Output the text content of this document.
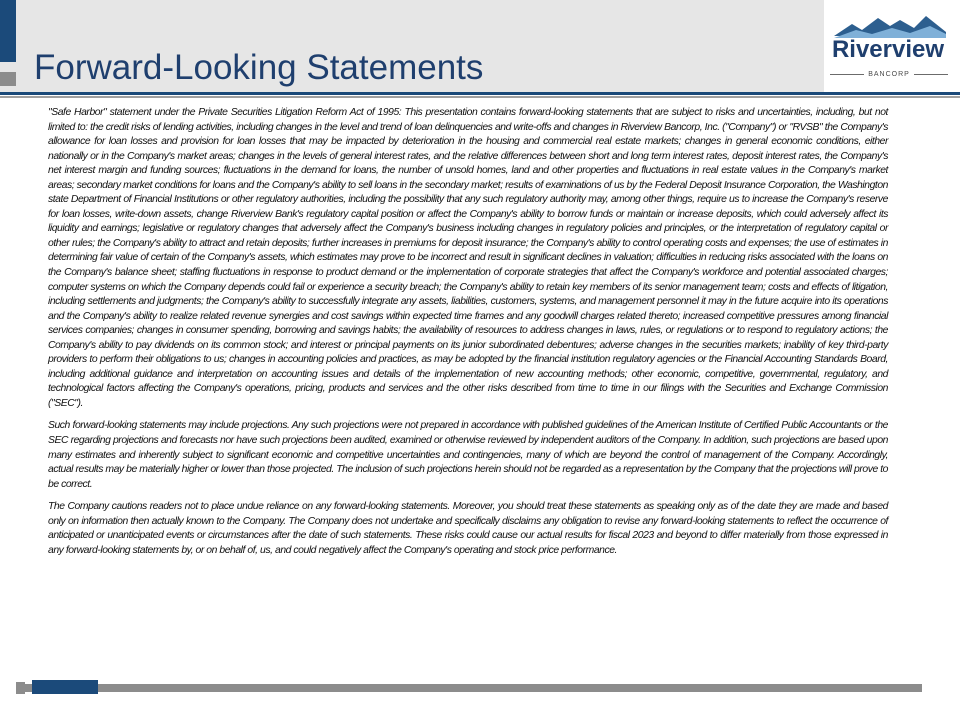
Forward-Looking Statements	Riverview
BANCORP

"Safe Harbor" statement under the Private Securities Litigation Reform Act of 1995: This presentation contains forward-looking statements that are subject to risks and uncertainties, including, but not limited to: the credit risks of lending activities, including changes in the level and trend of loan delinquencies and write-offs and changes in Riverview Bancorp, Inc. ("Company") or "RVSB" the Company's allowance for loan losses and provision for loan losses that may be impacted by deterioration in the housing and commercial real estate markets; changes in general economic conditions, either nationally or in the Company's market areas; changes in the levels of general interest rates, and the relative differences between short and long term interest rates, deposit interest rates, the Company's net interest margin and funding sources; fluctuations in the demand for loans, the number of unsold homes, land and other properties and fluctuations in real estate values in the Company's market areas; secondary market conditions for loans and the Company's ability to sell loans in the secondary market; results of examinations of us by the Federal Deposit Insurance Corporation, the Washington state Department of Financial Institutions or other regulatory authorities, including the possibility that any such regulatory authority may, among other things, require us to increase the Company's reserve for loan losses, write-down assets, change Riverview Bank's regulatory capital position or affect the Company's ability to borrow funds or maintain or increase deposits, which could adversely affect its liquidity and earnings; legislative or regulatory changes that adversely affect the Company's business including changes in regulatory policies and principles, or the interpretation of regulatory capital or other rules; the Company's ability to attract and retain deposits; further increases in premiums for deposit insurance; the Company's ability to control operating costs and expenses; the use of estimates in determining fair value of certain of the Company's assets, which estimates may prove to be incorrect and result in significant declines in valuation; difficulties in reducing risks associated with the loans on the Company's balance sheet; staffing fluctuations in response to product demand or the implementation of corporate strategies that affect the Company's workforce and potential associated charges; computer systems on which the Company depends could fail or experience a security breach; the Company's ability to retain key members of its senior management team; costs and effects of litigation, including settlements and judgments; the Company's ability to successfully integrate any assets, liabilities, customers, systems, and management personnel it may in the future acquire into its operations and the Company's ability to realize related revenue synergies and cost savings within expected time frames and any goodwill charges related thereto; increased competitive pressures among financial services companies; changes in consumer spending, borrowing and savings habits; the availability of resources to address changes in laws, rules, or regulations or to respond to regulatory actions; the Company's ability to pay dividends on its common stock; and interest or principal payments on its junior subordinated debentures; adverse changes in the securities markets; inability of key third-party providers to perform their obligations to us; changes in accounting policies and practices, as may be adopted by the financial institution regulatory agencies or the Financial Accounting Standards Board, including additional guidance and interpretation on accounting issues and details of the implementation of new accounting methods; other economic, competitive, governmental, regulatory, and technological factors affecting the Company's operations, pricing, products and services and the other risks described from time to time in our filings with the Securities and Exchange Commission ("SEC").

Such forward-looking statements may include projections. Any such projections were not prepared in accordance with published guidelines of the American Institute of Certified Public Accountants or the SEC regarding projections and forecasts nor have such projections been audited, examined or otherwise reviewed by independent auditors of the Company. In addition, such projections are based upon many estimates and inherently subject to significant economic and competitive uncertainties and contingencies, many of which are beyond the control of management of the Company. Accordingly, actual results may be materially higher or lower than those projected. The inclusion of such projections herein should not be regarded as a representation by the Company that the projections will prove to be correct.

The Company cautions readers not to place undue reliance on any forward-looking statements. Moreover, you should treat these statements as speaking only as of the date they are made and based only on information then actually known to the Company. The Company does not undertake and specifically disclaims any obligation to revise any forward-looking statements to reflect the occurrence of anticipated or unanticipated events or circumstances after the date of such statements. These risks could cause our actual results for fiscal 2023 and beyond to differ materially from those expressed in any forward-looking statements by, or on behalf of, us, and could negatively affect the Company's operating and stock price performance.
